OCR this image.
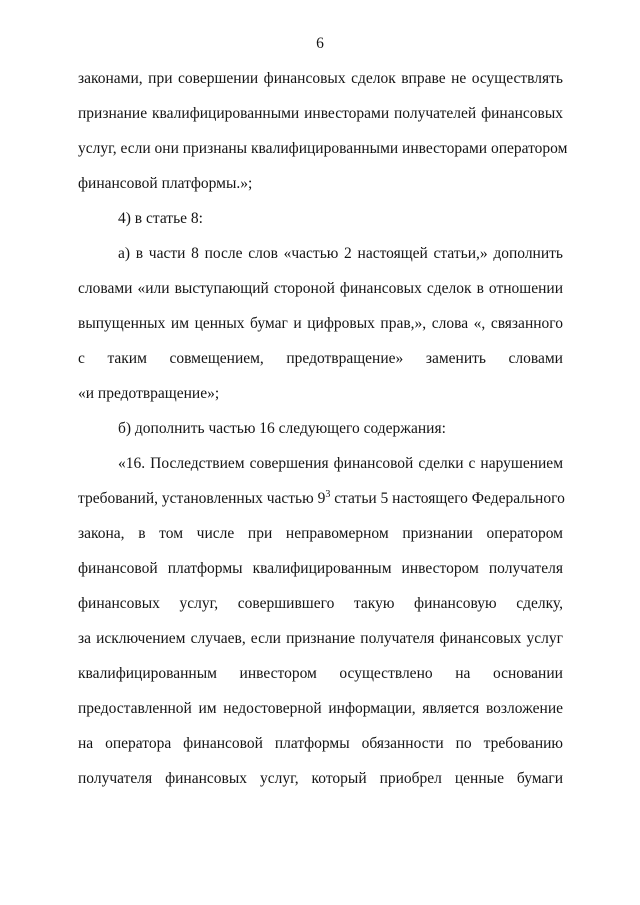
6
законами, при совершении финансовых сделок вправе не осуществлять
признание квалифицированными инвесторами получателей финансовых
услуг, если они признаны квалифицированными инвесторами оператором
финансовой платформы.»;
4) в статье 8:
а) в части 8 после слов «частью 2 настоящей статьи,» дополнить
словами «или выступающий стороной финансовых сделок в отношении
выпущенных им ценных бумаг и цифровых прав,», слова «, связанного
с таким совмещением, предотвращение» заменить словами
«и предотвращение»;
б) дополнить частью 16 следующего содержания:
«16. Последствием совершения финансовой сделки с нарушением
требований, установленных частью $9^3$ статьи 5 настоящего Федерального
закона, в том числе при неправомерном признании оператором
финансовой платформы квалифицированным инвестором получателя
финансовых услуг, совершившего такую финансовую сделку,
за исключением случаев, если признание получателя финансовых услуг
квалифицированным инвестором осуществлено на основании
предоставленной им недостоверной информации, является возложение
на оператора финансовой платформы обязанности по требованию
получателя финансовых услуг, который приобрел ценные бумаги
